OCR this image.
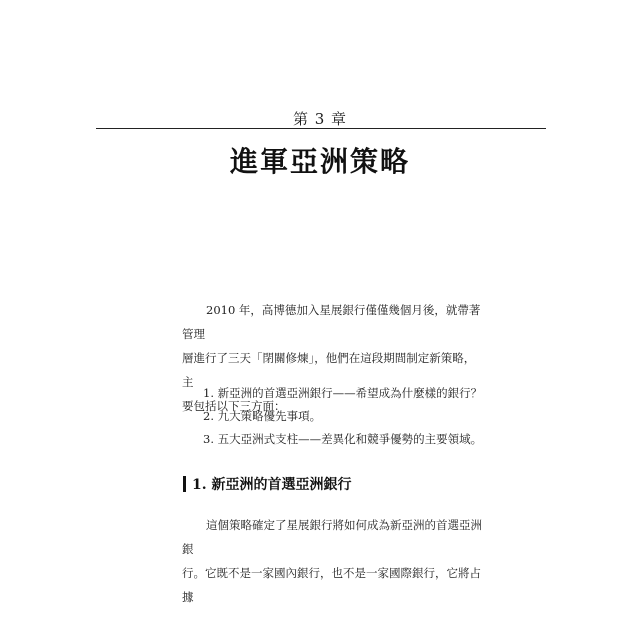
第 3 章
進軍亞洲策略
2010 年，高博德加入星展銀行僅僅幾個月後，就帶著管理
層進行了三天「閉關修煉」，他們在這段期間制定新策略，主
要包括以下三方面：
1. 新亞洲的首選亞洲銀行——希望成為什麼樣的銀行？
2. 九大策略優先事項。
3. 五大亞洲式支柱——差異化和競爭優勢的主要領域。
1. 新亞洲的首選亞洲銀行
這個策略確定了星展銀行將如何成為新亞洲的首選亞洲銀
行。它既不是一家國內銀行，也不是一家國際銀行，它將占據
